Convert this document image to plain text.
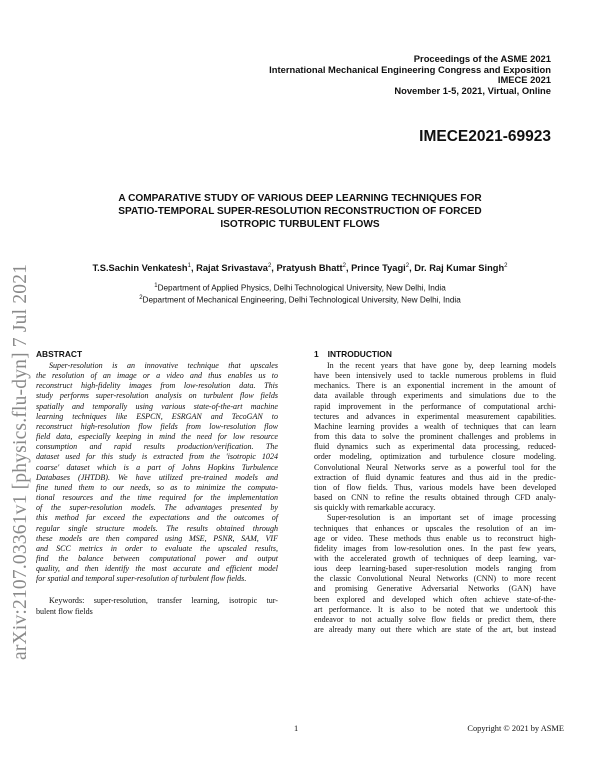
arXiv:2107.03361v1 [physics.flu-dyn] 7 Jul 2021
Proceedings of the ASME 2021
International Mechanical Engineering Congress and Exposition
IMECE 2021
November 1-5, 2021, Virtual, Online
IMECE2021-69923
A COMPARATIVE STUDY OF VARIOUS DEEP LEARNING TECHNIQUES FOR
SPATIO-TEMPORAL SUPER-RESOLUTION RECONSTRUCTION OF FORCED
ISOTROPIC TURBULENT FLOWS
T.S.Sachin Venkatesh$^1$, Rajat Srivastava$^2$, Pratyush Bhatt$^2$, Prince Tyagi$^2$, Dr. Raj Kumar Singh$^2$
$^1$Department of Applied Physics, Delhi Technological University, New Delhi, India
$^2$Department of Mechanical Engineering, Delhi Technological University, New Delhi, India
ABSTRACT
Super-resolution is an innovative technique that upscales
the resolution of an image or a video and thus enables us to
reconstruct high-fidelity images from low-resolution data. This
study performs super-resolution analysis on turbulent flow fields
spatially and temporally using various state-of-the-art machine
learning techniques like ESPCN, ESRGAN and TecoGAN to
reconstruct high-resolution flow fields from low-resolution flow
field data, especially keeping in mind the need for low resource
consumption and rapid results production/verification. The
dataset used for this study is extracted from the 'isotropic 1024
coarse' dataset which is a part of Johns Hopkins Turbulence
Databases (JHTDB). We have utilized pre-trained models and
fine tuned them to our needs, so as to minimize the computa-
tional resources and the time required for the implementation
of the super-resolution models. The advantages presented by
this method far exceed the expectations and the outcomes of
regular single structure models. The results obtained through
these models are then compared using MSE, PSNR, SAM, VIF
and SCC metrics in order to evaluate the upscaled results,
find the balance between computational power and output
quality, and then identify the most accurate and efficient model
for spatial and temporal super-resolution of turbulent flow fields.
Keywords: super-resolution, transfer learning, isotropic tur-
bulent flow fields
1 INTRODUCTION
In the recent years that have gone by, deep learning models
have been intensively used to tackle numerous problems in fluid
mechanics. There is an exponential increment in the amount of
data available through experiments and simulations due to the
rapid improvement in the performance of computational archi-
tectures and advances in experimental measurement capabilities.
Machine learning provides a wealth of techniques that can learn
from this data to solve the prominent challenges and problems in
fluid dynamics such as experimental data processing, reduced-
order modeling, optimization and turbulence closure modeling.
Convolutional Neural Networks serve as a powerful tool for the
extraction of fluid dynamic features and thus aid in the predic-
tion of flow fields. Thus, various models have been developed
based on CNN to refine the results obtained through CFD analy-
sis quickly with remarkable accuracy.
Super-resolution is an important set of image processing
techniques that enhances or upscales the resolution of an im-
age or video. These methods thus enable us to reconstruct high-
fidelity images from low-resolution ones. In the past few years,
with the accelerated growth of techniques of deep learning, var-
ious deep learning-based super-resolution models ranging from
the classic Convolutional Neural Networks (CNN) to more recent
and promising Generative Adversarial Networks (GAN) have
been explored and developed which often achieve state-of-the-
art performance. It is also to be noted that we undertook this
endeavor to not actually solve flow fields or predict them, there
are already many out there which are state of the art, but instead
1	Copyright © 2021 by ASME
